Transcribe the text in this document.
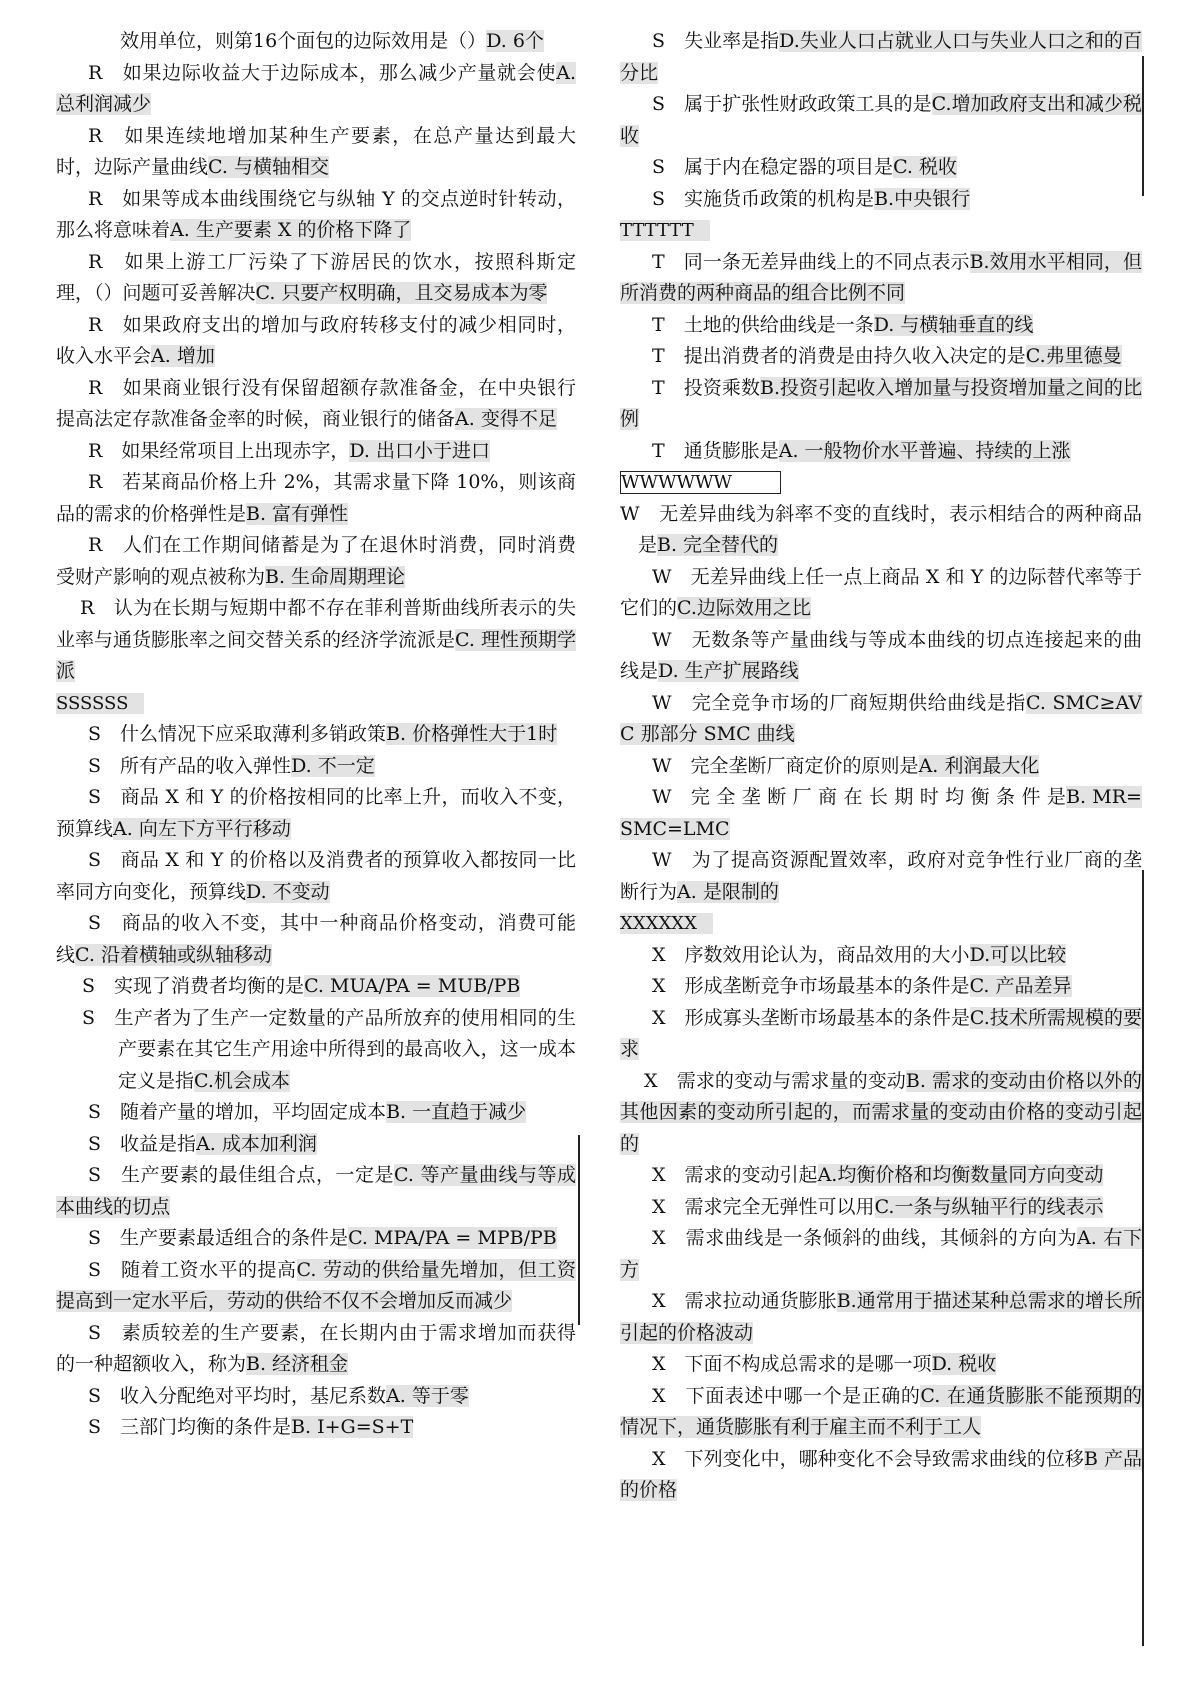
效用单位，则第16个面包的边际效用是（）D. 6个
R　 如果边际收益大于边际成本，那么减少产量就会使A. 总利润减少
R　 如果连续地增加某种生产要素，在总产量达到最大时，边际产量曲线C. 与横轴相交
R　 如果等成本曲线围绕它与纵轴 Y 的交点逆时针转动，那么将意味着A. 生产要素 X 的价格下降了
R　 如果上游工厂污染了下游居民的饮水，按照科斯定理，（）问题可妥善解决C. 只要产权明确，且交易成本为零
R　 如果政府支出的增加与政府转移支付的减少相同时，收入水平会A. 增加
R　 如果商业银行没有保留超额存款准备金，在中央银行提高法定存款准备金率的时候，商业银行的储备A. 变得不足
R　 如果经常项目上出现赤字，D. 出口小于进口
R　 若某商品价格上升 2%，其需求量下降 10%，则该商品的需求的价格弹性是B. 富有弹性
R　 人们在工作期间储蓄是为了在退休时消费，同时消费受财产影响的观点被称为B. 生命周期理论
R　 认为在长期与短期中都不存在菲利普斯曲线所表示的失业率与通货膨胀率之间交替关系的经济学流派是C. 理性预期学派
SSSSSS
S　 什么情况下应采取薄利多销政策B. 价格弹性大于1时
S　 所有产品的收入弹性D. 不一定
S　 商品 X 和 Y 的价格按相同的比率上升，而收入不变，预算线A. 向左下方平行移动
S　 商品 X 和 Y 的价格以及消费者的预算收入都按同一比率同方向变化，预算线D. 不变动
S　 商品的收入不变，其中一种商品价格变动，消费可能线C. 沿着横轴或纵轴移动
S　 实现了消费者均衡的是C. MUA/PA = MUB/PB
S　 生产者为了生产一定数量的产品所放弃的使用相同的生产要素在其它生产用途中所得到的最高收入，这一成本定义是指C.机会成本
S　 随着产量的增加，平均固定成本B. 一直趋于减少
S　 收益是指A. 成本加利润
S　 生产要素的最佳组合点，一定是C. 等产量曲线与等成本曲线的切点
S　 生产要素最适组合的条件是C. MPA/PA = MPB/PB
S　 随着工资水平的提高C. 劳动的供给量先增加，但工资提高到一定水平后，劳动的供给不仅不会增加反而减少
S　 素质较差的生产要素，在长期内由于需求增加而获得的一种超额收入，称为B. 经济租金
S　 收入分配绝对平均时，基尼系数A. 等于零
S　 三部门均衡的条件是B. I+G=S+T
S　 失业率是指D.失业人口占就业人口与失业人口之和的百分比
S　 属于扩张性财政政策工具的是C.增加政府支出和减少税收
S　 属于内在稳定器的项目是C. 税收
S　 实施货币政策的机构是B.中央银行
TTTTTT
T　 同一条无差异曲线上的不同点表示B.效用水平相同，但所消费的两种商品的组合比例不同
T　 土地的供给曲线是一条D. 与横轴垂直的线
T　 提出消费者的消费是由持久收入决定的是C.弗里德曼
T　 投资乘数B.投资引起收入增加量与投资增加量之间的比例
T　 通货膨胀是A. 一般物价水平普遍、持续的上涨
WWWWWW
W　 无差异曲线为斜率不变的直线时，表示相结合的两种商品是B. 完全替代的
W　 无差异曲线上任一点上商品 X 和 Y 的边际替代率等于它们的C.边际效用之比
W　 无数条等产量曲线与等成本曲线的切点连接起来的曲线是D. 生产扩展路线
W　 完全竞争市场的厂商短期供给曲线是指C. SMC≥AVC 那部分 SMC 曲线
W　 完全垄断厂商定价的原则是A. 利润最大化
W　 完 全 垄 断 厂 商 在 长 期 时 均 衡 条 件 是B. MR=SMC=LMC
W　 为了提高资源配置效率，政府对竞争性行业厂商的垄断行为A. 是限制的
XXXXXX
X　 序数效用论认为，商品效用的大小D.可以比较
X　 形成垄断竞争市场最基本的条件是C. 产品差异
X　 形成寡头垄断市场最基本的条件是C.技术所需规模的要求
X　 需求的变动与需求量的变动B. 需求的变动由价格以外的其他因素的变动所引起的，而需求量的变动由价格的变动引起的
X　 需求的变动引起A.均衡价格和均衡数量同方向变动
X　 需求完全无弹性可以用C.一条与纵轴平行的线表示
X　 需求曲线是一条倾斜的曲线，其倾斜的方向为A. 右下方
X　 需求拉动通货膨胀B.通常用于描述某种总需求的增长所引起的价格波动
X　 下面不构成总需求的是哪一项D. 税收
X　 下面表述中哪一个是正确的C. 在通货膨胀不能预期的情况下，通货膨胀有利于雇主而不利于工人
X　 下列变化中，哪种变化不会导致需求曲线的位移B 产品的价格
